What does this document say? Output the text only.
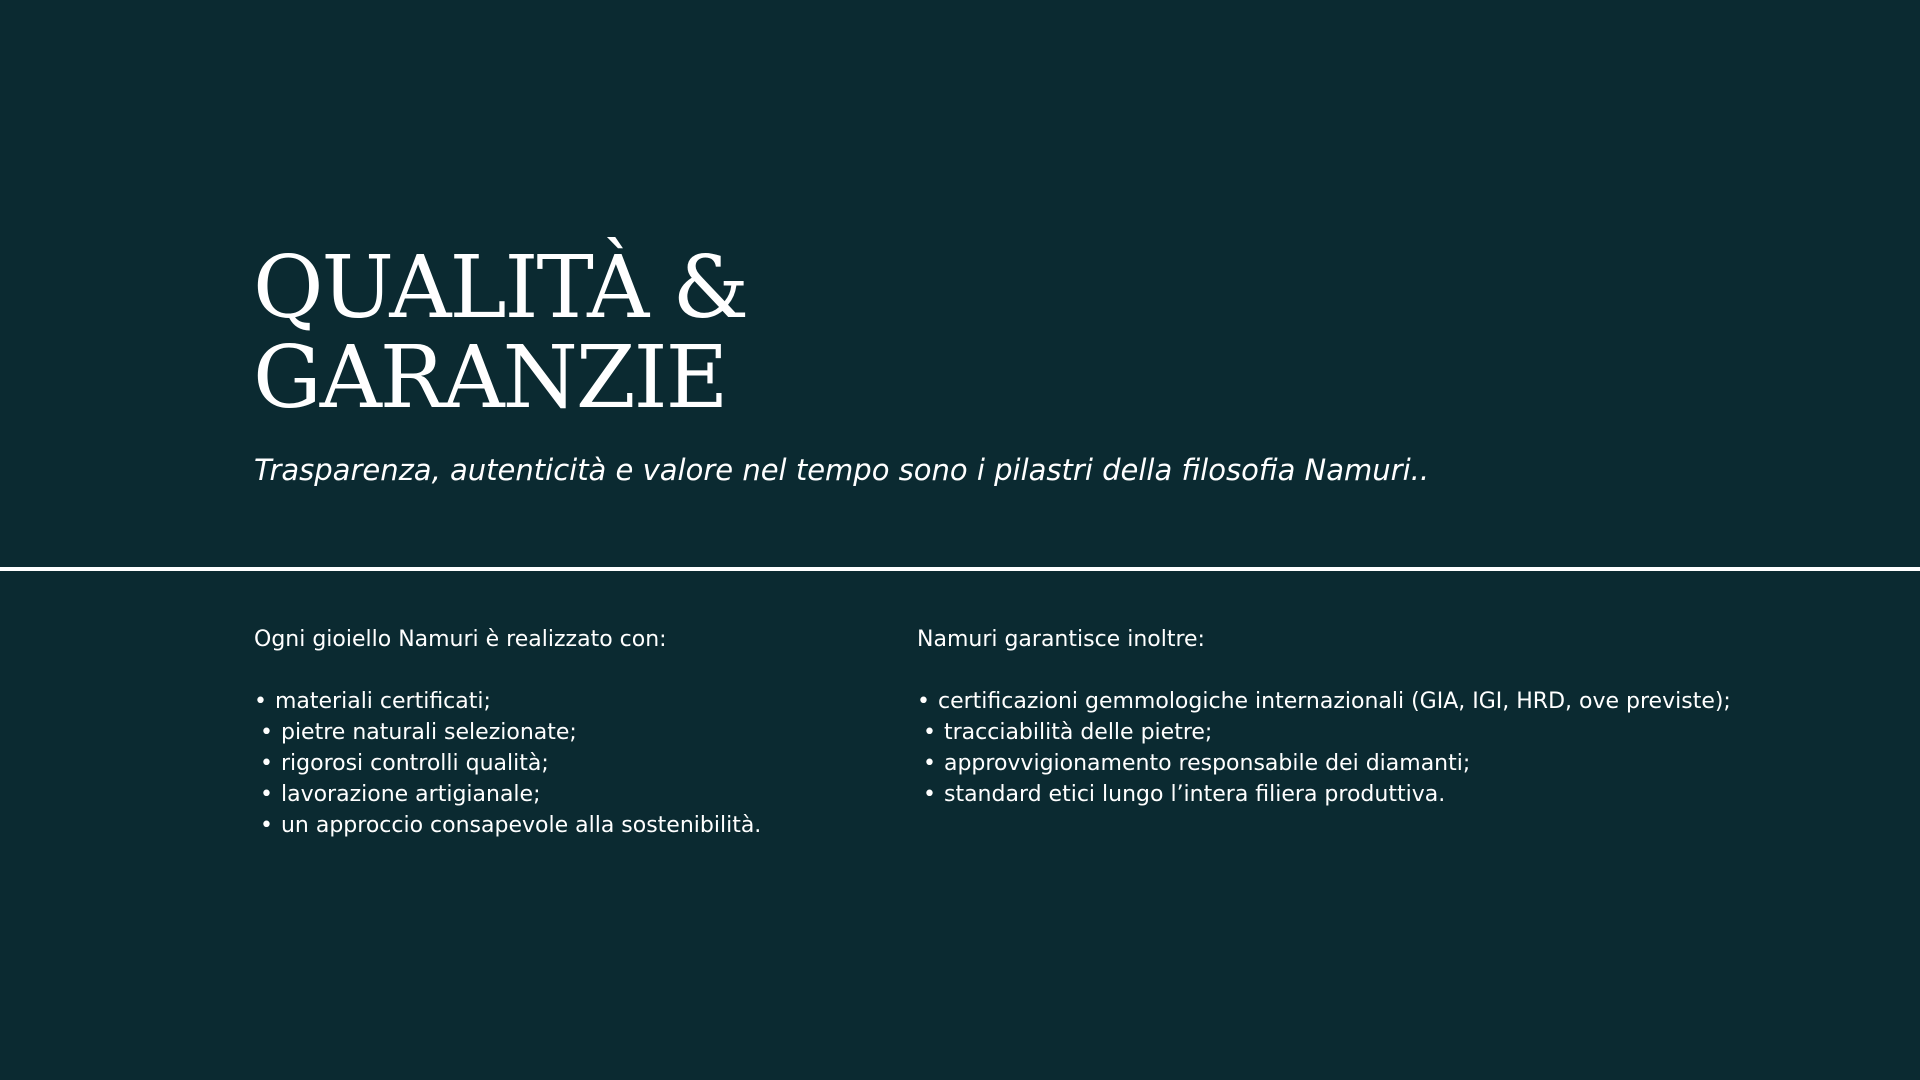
QUALITÀ &
GARANZIE

Trasparenza, autenticità e valore nel tempo sono i pilastri della filosofia Namuri..

Ogni gioiello Namuri è realizzato con:

• materiali certificati;
• pietre naturali selezionate;
• rigorosi controlli qualità;
• lavorazione artigianale;
• un approccio consapevole alla sostenibilità.

Namuri garantisce inoltre:

• certificazioni gemmologiche internazionali (GIA, IGI, HRD, ove previste);
• tracciabilità delle pietre;
• approvvigionamento responsabile dei diamanti;
• standard etici lungo l’intera filiera produttiva.
